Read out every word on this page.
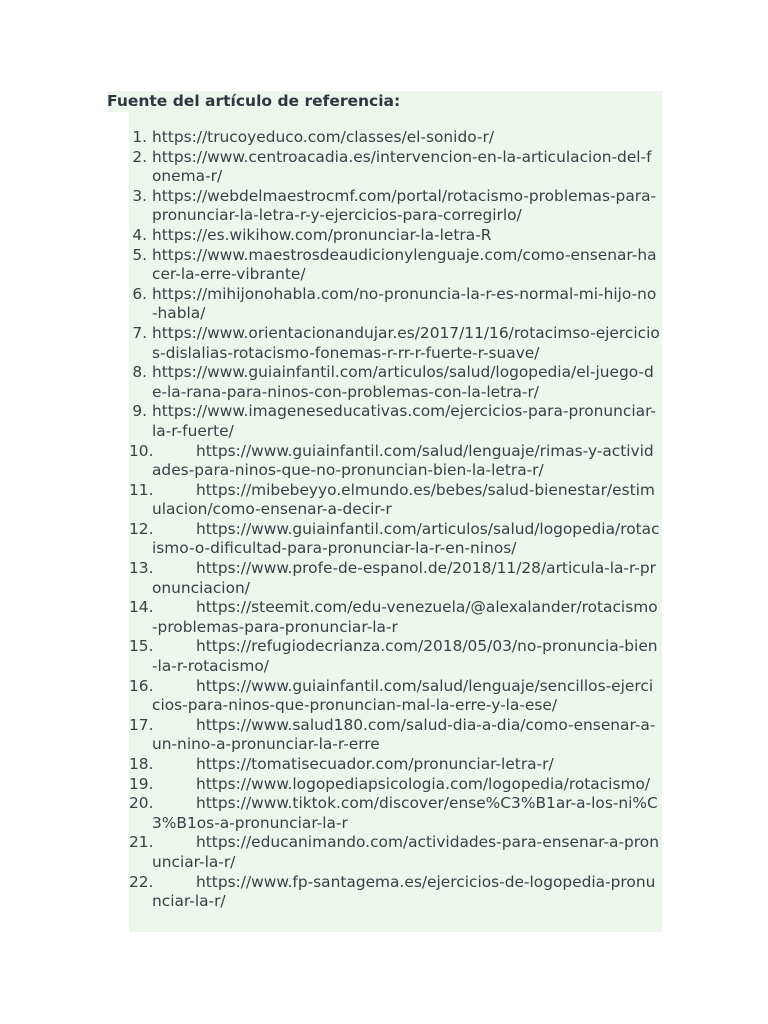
Fuente del artículo de referencia:
1. https://trucoyeduco.com/classes/el-sonido-r/
2. https://www.centroacadia.es/intervencion-en-la-articulacion-del-fonema-r/
3. https://webdelmaestrocmf.com/portal/rotacismo-problemas-para-pronunciar-la-letra-r-y-ejercicios-para-corregirlo/
4. https://es.wikihow.com/pronunciar-la-letra-R
5. https://www.maestrosdeaudicionylenguaje.com/como-ensenar-hacer-la-erre-vibrante/
6. https://mihijonohabla.com/no-pronuncia-la-r-es-normal-mi-hijo-no-habla/
7. https://www.orientacionandujar.es/2017/11/16/rotacimso-ejercicios-dislalias-rotacismo-fonemas-r-rr-r-fuerte-r-suave/
8. https://www.guiainfantil.com/articulos/salud/logopedia/el-juego-de-la-rana-para-ninos-con-problemas-con-la-letra-r/
9. https://www.imageneseducativas.com/ejercicios-para-pronunciar-la-r-fuerte/
10.	https://www.guiainfantil.com/salud/lenguaje/rimas-y-actividades-para-ninos-que-no-pronuncian-bien-la-letra-r/
11.	https://mibebeyyo.elmundo.es/bebes/salud-bienestar/estimulacion/como-ensenar-a-decir-r
12.	https://www.guiainfantil.com/articulos/salud/logopedia/rotacismo-o-dificultad-para-pronunciar-la-r-en-ninos/
13.	https://www.profe-de-espanol.de/2018/11/28/articula-la-r-pronunciacion/
14.	https://steemit.com/edu-venezuela/@alexalander/rotacismo-problemas-para-pronunciar-la-r
15.	https://refugiodecrianza.com/2018/05/03/no-pronuncia-bien-la-r-rotacismo/
16.	https://www.guiainfantil.com/salud/lenguaje/sencillos-ejercicios-para-ninos-que-pronuncian-mal-la-erre-y-la-ese/
17.	https://www.salud180.com/salud-dia-a-dia/como-ensenar-a-un-nino-a-pronunciar-la-r-erre
18.	https://tomatisecuador.com/pronunciar-letra-r/
19.	https://www.logopediapsicologia.com/logopedia/rotacismo/
20.	https://www.tiktok.com/discover/ense%C3%B1ar-a-los-ni%C3%B1os-a-pronunciar-la-r
21.	https://educanimando.com/actividades-para-ensenar-a-pronunciar-la-r/
22.	https://www.fp-santagema.es/ejercicios-de-logopedia-pronunciar-la-r/
